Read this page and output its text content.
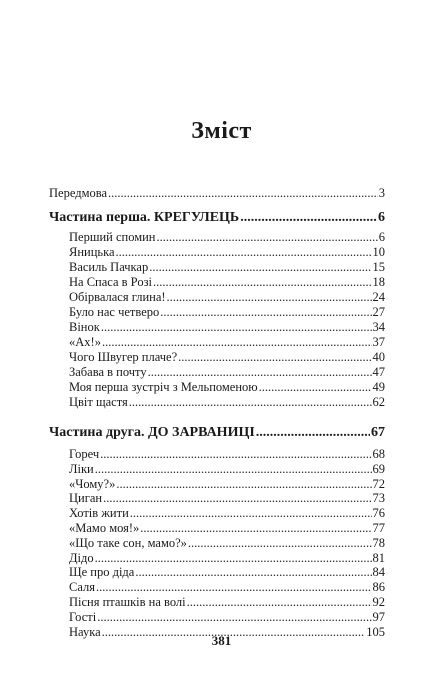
Зміст
Передмова .....	3
Частина перша. КРЕГУЛЕЦЬ .....	6
Перший спомин .....	6
Яницька .....	10
Василь Пачкар .....	15
На Спаса в Розі .....	18
Обірвалася глина! .....	24
Було нас четверо .....	27
Вінок .....	34
«Ах!» .....	37
Чого Швугер плаче? .....	40
Забава в почту .....	47
Моя перша зустріч з Мельпоменою .....	49
Цвіт щастя .....	62
Частина друга. ДО ЗАРВАНИЦІ .....	67
Гореч .....	68
Ліки .....	69
«Чому?» .....	72
Циган .....	73
Хотів жити .....	76
«Мамо моя!» .....	77
«Що таке сон, мамо?» .....	78
Дідо .....	81
Ще про діда .....	84
Саля .....	86
Пісня пташків на волі .....	92
Гості .....	97
Наука .....	105
381
